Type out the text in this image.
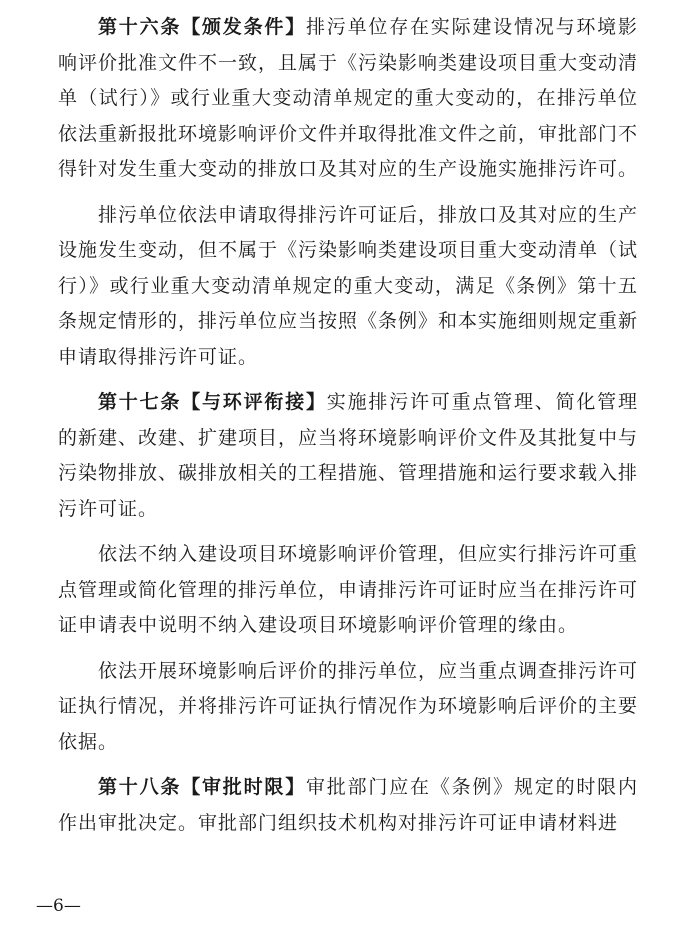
第十六条【颁发条件】排污单位存在实际建设情况与环境影响评价批准文件不一致，且属于《污染影响类建设项目重大变动清单（试行）》或行业重大变动清单规定的重大变动的，在排污单位依法重新报批环境影响评价文件并取得批准文件之前，审批部门不得针对发生重大变动的排放口及其对应的生产设施实施排污许可。

排污单位依法申请取得排污许可证后，排放口及其对应的生产设施发生变动，但不属于《污染影响类建设项目重大变动清单（试行）》或行业重大变动清单规定的重大变动，满足《条例》第十五条规定情形的，排污单位应当按照《条例》和本实施细则规定重新申请取得排污许可证。

第十七条【与环评衔接】实施排污许可重点管理、简化管理的新建、改建、扩建项目，应当将环境影响评价文件及其批复中与污染物排放、碳排放相关的工程措施、管理措施和运行要求载入排污许可证。

依法不纳入建设项目环境影响评价管理，但应实行排污许可重点管理或简化管理的排污单位，申请排污许可证时应当在排污许可证申请表中说明不纳入建设项目环境影响评价管理的缘由。

依法开展环境影响后评价的排污单位，应当重点调查排污许可证执行情况，并将排污许可证执行情况作为环境影响后评价的主要依据。

第十八条【审批时限】审批部门应在《条例》规定的时限内作出审批决定。审批部门组织技术机构对排污许可证申请材料进

—6—
